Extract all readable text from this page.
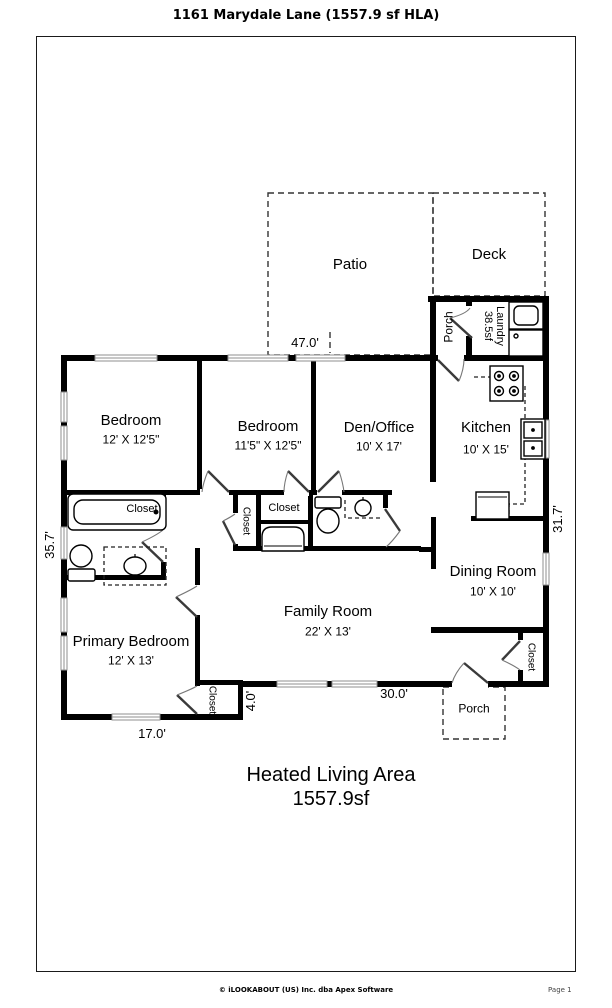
1161 Marydale Lane (1557.9 sf HLA)
Patio
Deck
Porch	Laundry
38.5sf
Bedroom
12' X 12'5"
Bedroom
11'5" X 12'5"
Den/Office
10' X 17'
Kitchen
10' X 15'
Dining Room
10' X 10'
Family Room
22' X 13'
Primary Bedroom
12' X 13'
Closet	Closet Closet
Closet
Closet	Porch
47.0'
35.7'
31.7'
30.0'
4.0'
17.0'
Heated Living Area
1557.9sf
© iLOOKABOUT (US) Inc. dba Apex Software	Page 1
